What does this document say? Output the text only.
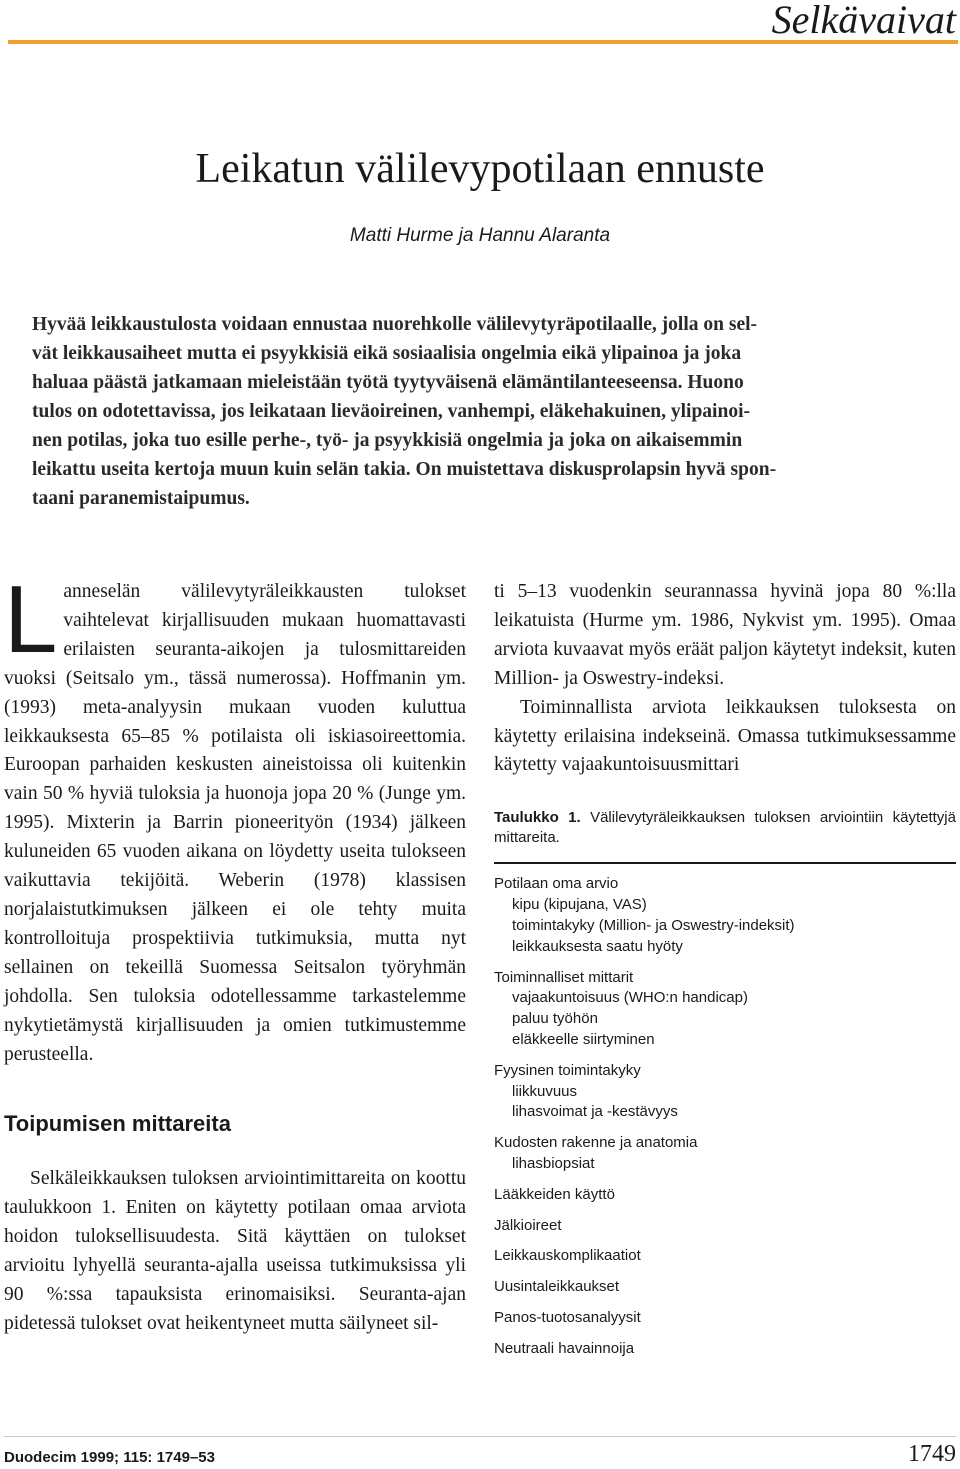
Selkävaivat
Leikatun välilevypotilaan ennuste
Matti Hurme ja Hannu Alaranta
Hyvää leikkaustulosta voidaan ennustaa nuorehkolle välilevytyräpotilaalle, jolla on sel-
vät leikkausaiheet mutta ei psyykkisiä eikä sosiaalisia ongelmia eikä ylipainoa ja joka
haluaa päästä jatkamaan mieleistään työtä tyytyväisenä elämäntilanteeseensa. Huono
tulos on odotettavissa, jos leikataan lieväoireinen, vanhempi, eläkehakuinen, ylipainoi-
nen potilas, joka tuo esille perhe-, työ- ja psyykkisiä ongelmia ja joka on aikaisemmin
leikattu useita kertoja muun kuin selän takia. On muistettava diskusprolapsin hyvä spon-
taani paranemistaipumus.

Lanneselän välilevytyräleikkausten tulokset vaihtelevat kirjallisuuden mukaan huomattavasti erilaisten seuranta-aikojen ja tulosmittareiden vuoksi (Seitsalo ym., tässä numerossa). Hoffmanin ym. (1993) meta-analyysin mukaan vuoden kuluttua leikkauksesta 65–85 % potilaista oli iskiasoireettomia. Euroopan parhaiden keskusten aineistoissa oli kuitenkin vain 50 % hyviä tuloksia ja huonoja jopa 20 % (Junge ym. 1995). Mixterin ja Barrin pioneerityön (1934) jälkeen kuluneiden 65 vuoden aikana on löydetty useita tulokseen vaikuttavia tekijöitä. Weberin (1978) klassisen norjalaistutkimuksen jälkeen ei ole tehty muita kontrolloituja prospektiivia tutkimuksia, mutta nyt sellainen on tekeillä Suomessa Seitsalon työryhmän johdolla. Sen tuloksia odotellessamme tarkastelemme nykytietämystä kirjallisuuden ja omien tutkimustemme perusteella.

Toipumisen mittareita

Selkäleikkauksen tuloksen arviointimittareita on koottu taulukkoon 1. Eniten on käytetty potilaan omaa arviota hoidon tuloksellisuudesta. Sitä käyttäen on tulokset arvioitu lyhyellä seuranta-ajalla useissa tutkimuksissa yli 90 %:ssa tapauksista erinomaisiksi. Seuranta-ajan pidetessä tulokset ovat heikentyneet mutta säilyneet sil-

ti 5–13 vuodenkin seurannassa hyvinä jopa 80 %:lla leikatuista (Hurme ym. 1986, Nykvist ym. 1995). Omaa arviota kuvaavat myös eräät paljon käytetyt indeksit, kuten Million- ja Oswestry-indeksi.

Toiminnallista arviota leikkauksen tuloksesta on käytetty erilaisina indekseinä. Omassa tutkimuksessamme käytetty vajaakuntoisuusmittari

Taulukko 1. Välilevytyräleikkauksen tuloksen arviointiin käytettyjä mittareita.
Potilaan oma arvio
kipu (kipujana, VAS)
toimintakyky (Million- ja Oswestry-indeksit)
leikkauksesta saatu hyöty
Toiminnalliset mittarit
vajaakuntoisuus (WHO:n handicap)
paluu työhön
eläkkeelle siirtyminen
Fyysinen toimintakyky
liikkuvuus
lihasvoimat ja -kestävyys
Kudosten rakenne ja anatomia
lihasbiopsiat
Lääkkeiden käyttö
Jälkioireet
Leikkauskomplikaatiot
Uusintaleikkaukset
Panos-tuotosanalyysit
Neutraali havainnoija
Duodecim 1999; 115: 1749–53	1749
